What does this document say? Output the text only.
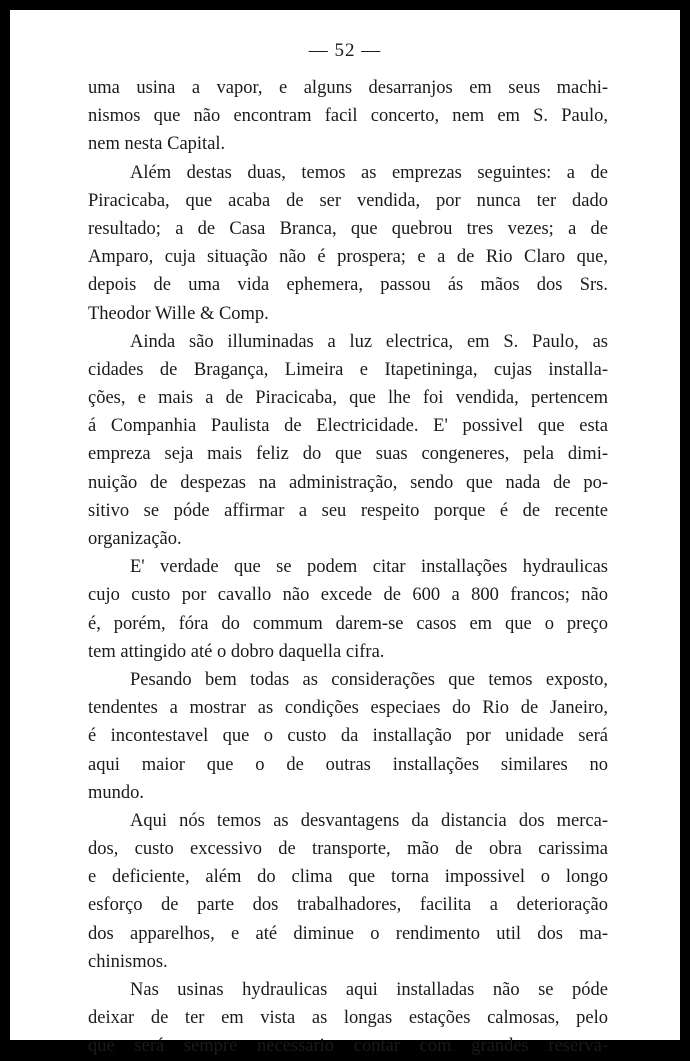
— 52 —
uma usina a vapor, e alguns desarranjos em seus machi-
nismos que não encontram facil concerto, nem em S. Paulo,
nem nesta Capital.
Além destas duas, temos as emprezas seguintes: a de
Piracicaba, que acaba de ser vendida, por nunca ter dado
resultado; a de Casa Branca, que quebrou tres vezes; a de
Amparo, cuja situação não é prospera; e a de Rio Claro que,
depois de uma vida ephemera, passou ás mãos dos Srs.
Theodor Wille & Comp.
Ainda são illuminadas a luz electrica, em S. Paulo, as
cidades de Bragança, Limeira e Itapetininga, cujas installa-
ções, e mais a de Piracicaba, que lhe foi vendida, pertencem
á Companhia Paulista de Electricidade. E' possivel que esta
empreza seja mais feliz do que suas congeneres, pela dimi-
nuição de despezas na administração, sendo que nada de po-
sitivo se póde affirmar a seu respeito porque é de recente
organização.
E' verdade que se podem citar installações hydraulicas
cujo custo por cavallo não excede de 600 a 800 francos; não
é, porém, fóra do commum darem-se casos em que o preço
tem attingido até o dobro daquella cifra.
Pesando bem todas as considerações que temos exposto,
tendentes a mostrar as condições especiaes do Rio de Janeiro,
é incontestavel que o custo da installação por unidade será
aqui maior que o de outras installações similares no
mundo.
Aqui nós temos as desvantagens da distancia dos merca-
dos, custo excessivo de transporte, mão de obra carissima
e deficiente, além do clima que torna impossivel o longo
esforço de parte dos trabalhadores, facilita a deterioração
dos apparelhos, e até diminue o rendimento util dos ma-
chinismos.
Nas usinas hydraulicas aqui installadas não se póde
deixar de ter em vista as longas estações calmosas, pelo
que será sempre necessario contar com grandes reserva-
